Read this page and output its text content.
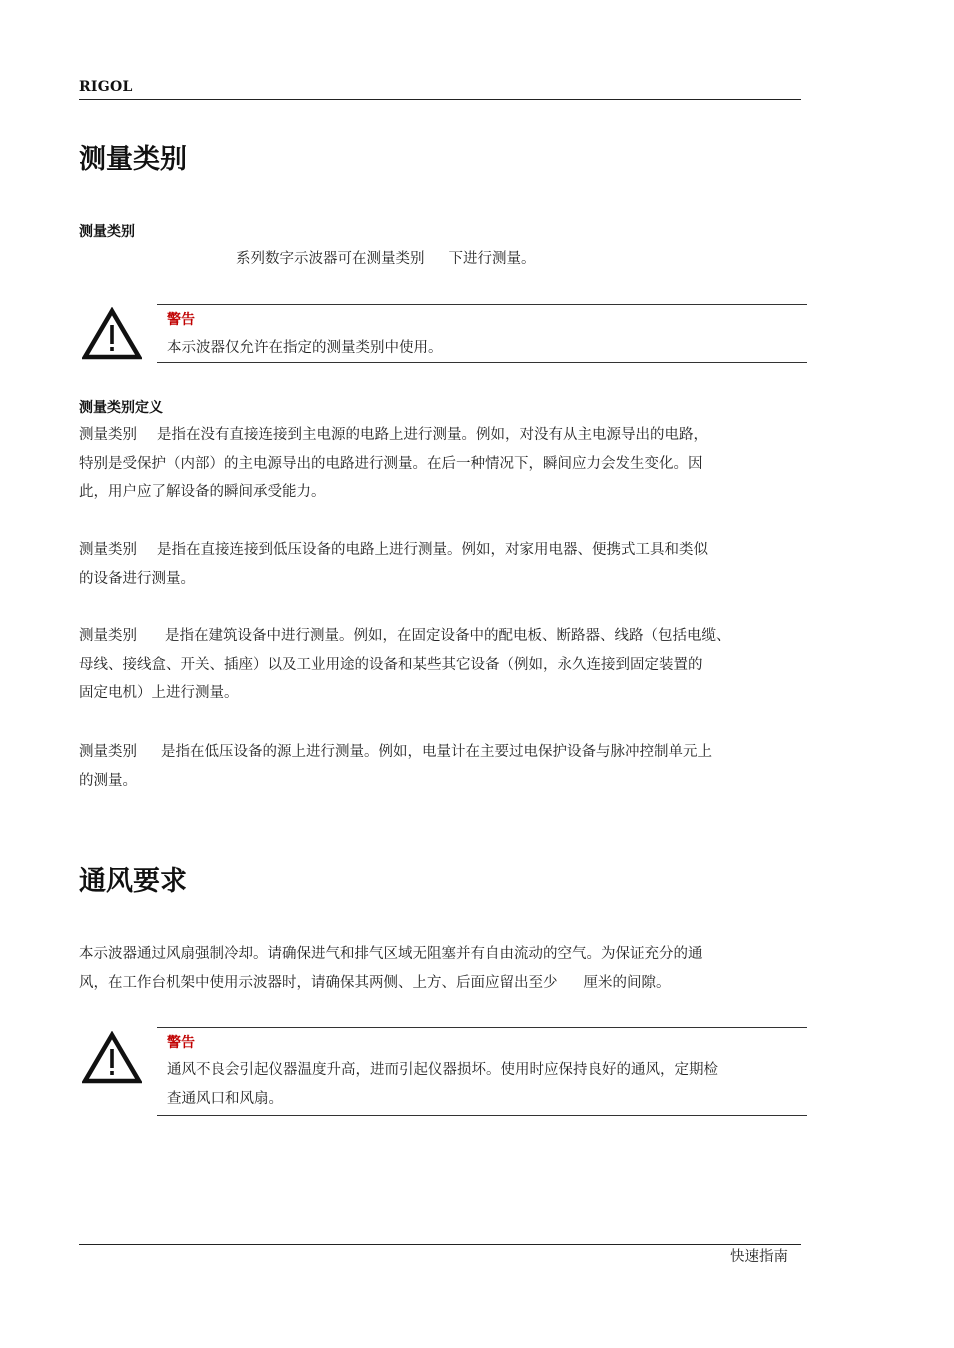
RIGOL
测量类别
测量类别
系列数字示波器可在测量类别 下进行测量。
警告
本示波器仅允许在指定的测量类别中使用。
测量类别定义
测量类别 是指在没有直接连接到主电源的电路上进行测量。例如，对没有从主电源导出的电路，
特别是受保护（内部）的主电源导出的电路进行测量。在后一种情况下，瞬间应力会发生变化。因
此，用户应了解设备的瞬间承受能力。
测量类别 是指在直接连接到低压设备的电路上进行测量。例如，对家用电器、便携式工具和类似
的设备进行测量。
测量类别 是指在建筑设备中进行测量。例如，在固定设备中的配电板、断路器、线路（包括电缆、
母线、接线盒、开关、插座）以及工业用途的设备和某些其它设备（例如，永久连接到固定装置的
固定电机）上进行测量。
测量类别 是指在低压设备的源上进行测量。例如，电量计在主要过电保护设备与脉冲控制单元上
的测量。
通风要求
本示波器通过风扇强制冷却。请确保进气和排气区域无阻塞并有自由流动的空气。为保证充分的通
风，在工作台机架中使用示波器时，请确保其两侧、上方、后面应留出至少 厘米的间隙。
警告
通风不良会引起仪器温度升高，进而引起仪器损坏。使用时应保持良好的通风，定期检
查通风口和风扇。
快速指南
